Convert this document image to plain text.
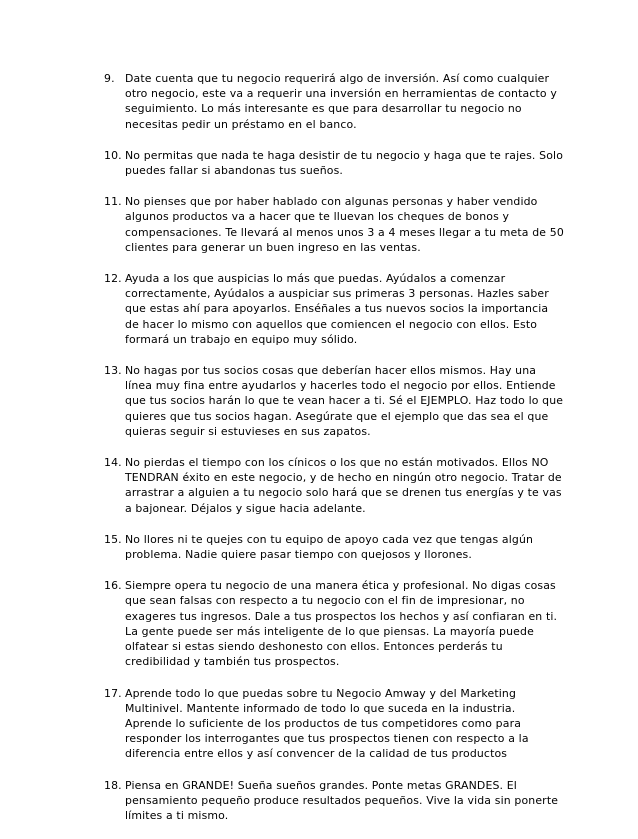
9. Date cuenta que tu negocio requerirá algo de inversión. Así como cualquier otro negocio, este va a requerir una inversión en herramientas de contacto y seguimiento. Lo más interesante es que para desarrollar tu negocio no necesitas pedir un préstamo en el banco.
10. No permitas que nada te haga desistir de tu negocio y haga que te rajes. Solo puedes fallar si abandonas tus sueños.
11. No pienses que por haber hablado con algunas personas y haber vendido algunos productos va a hacer que te lluevan los cheques de bonos y compensaciones. Te llevará al menos unos 3 a 4 meses llegar a tu meta de 50 clientes para generar un buen ingreso en las ventas.
12. Ayuda a los que auspicias lo más que puedas. Ayúdalos a comenzar correctamente, Ayúdalos a auspiciar sus primeras 3 personas. Hazles saber que estas ahí para apoyarlos. Enséñales a tus nuevos socios la importancia de hacer lo mismo con aquellos que comiencen el negocio con ellos. Esto formará un trabajo en equipo muy sólido.
13. No hagas por tus socios cosas que deberían hacer ellos mismos. Hay una línea muy fina entre ayudarlos y hacerles todo el negocio por ellos. Entiende que tus socios harán lo que te vean hacer a ti. Sé el EJEMPLO. Haz todo lo que quieres que tus socios hagan. Asegúrate que el ejemplo que das sea el que quieras seguir si estuvieses en sus zapatos.
14. No pierdas el tiempo con los cínicos o los que no están motivados. Ellos NO TENDRAN éxito en este negocio, y de hecho en ningún otro negocio. Tratar de arrastrar a alguien a tu negocio solo hará que se drenen tus energías y te vas a bajonear. Déjalos y sigue hacia adelante.
15. No llores ni te quejes con tu equipo de apoyo cada vez que tengas algún problema. Nadie quiere pasar tiempo con quejosos y llorones.
16. Siempre opera tu negocio de una manera ética y profesional. No digas cosas que sean falsas con respecto a tu negocio con el fin de impresionar, no exageres tus ingresos. Dale a tus prospectos los hechos y así confiaran en ti. La gente puede ser más inteligente de lo que piensas. La mayoría puede olfatear si estas siendo deshonesto con ellos. Entonces perderás tu credibilidad y también tus prospectos.
17. Aprende todo lo que puedas sobre tu Negocio Amway y del Marketing Multinivel. Mantente informado de todo lo que suceda en la industria. Aprende lo suficiente de los productos de tus competidores como para responder los interrogantes que tus prospectos tienen con respecto a la diferencia entre ellos y así convencer de la calidad de tus productos
18. Piensa en GRANDE! Sueña sueños grandes. Ponte metas GRANDES. El pensamiento pequeño produce resultados pequeños. Vive la vida sin ponerte límites a ti mismo.
